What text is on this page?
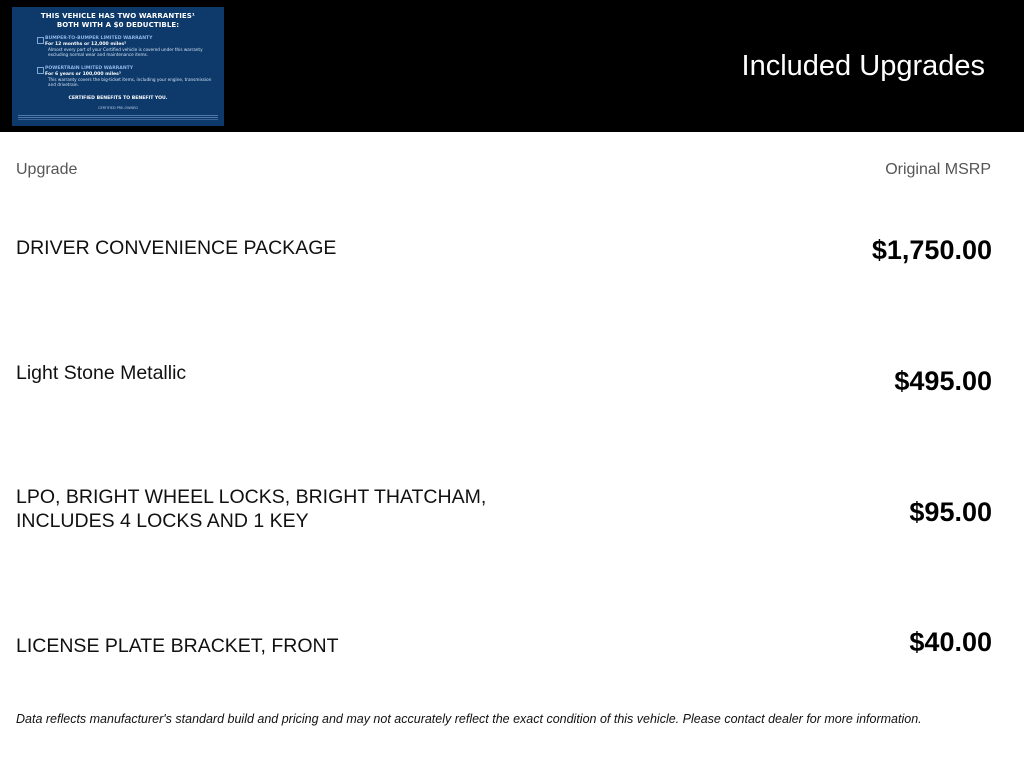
THIS VEHICLE HAS TWO WARRANTIES¹
BOTH WITH A $0 DEDUCTIBLE:
BUMPER-TO-BUMPER LIMITED WARRANTY
For 12 months or 12,000 miles²
Almost every part of your Certified vehicle is covered under this warranty excluding normal wear and maintenance items.
POWERTRAIN LIMITED WARRANTY
For 6 years or 100,000 miles³
This warranty covers the big-ticket items, including your engine, transmission and drivetrain.
CERTIFIED BENEFITS TO BENEFIT YOU.
CERTIFIED PRE-OWNED
Included Upgrades
Upgrade	Original MSRP
DRIVER CONVENIENCE PACKAGE	$1,750.00
Light Stone Metallic	$495.00
LPO, BRIGHT WHEEL LOCKS, BRIGHT THATCHAM, INCLUDES 4 LOCKS AND 1 KEY	$95.00
LICENSE PLATE BRACKET, FRONT	$40.00
Data reflects manufacturer's standard build and pricing and may not accurately reflect the exact condition of this vehicle. Please contact dealer for more information.
